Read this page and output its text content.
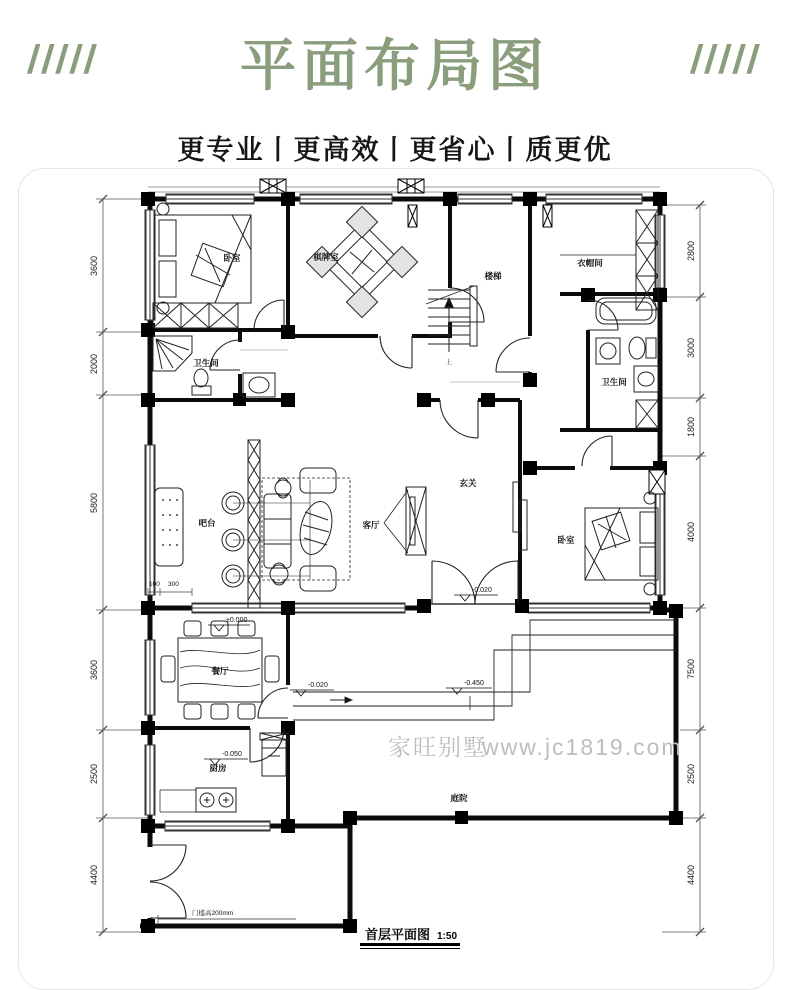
/////	平面布局图	/////
更专业丨更高效丨更省心丨质更优
3600
2000
5800
3600
2500
4400
2800
3000
1800
4000
7500
2500
4400
卧室	棋牌室
楼梯
衣帽间
卫生间
卫生间
玄关
客厅
吧台
餐厅
厨房
卧室
庭院
上
±0.000
-0.020
-0.020
-0.050
-0.450
100 300
门槛高200mm
家旺别墅
www.jc1819.com
首层平面图 1:50
